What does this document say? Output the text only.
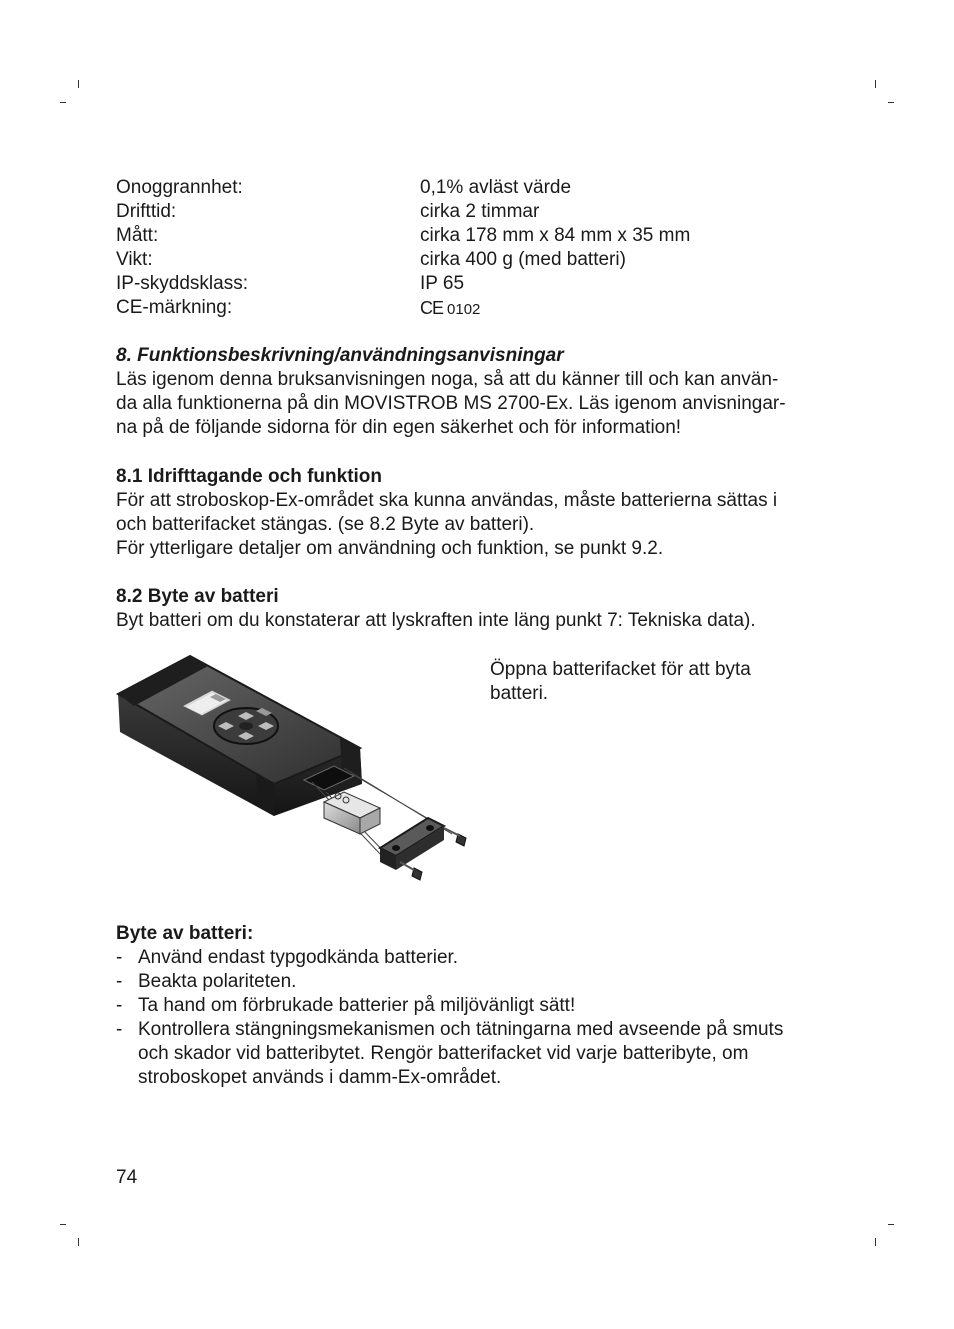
Onoggrannhet:	0,1% avläst värde
Drifttid:	cirka 2 timmar
Mått:	cirka 178 mm x 84 mm x 35 mm
Vikt:	cirka 400 g (med batteri)
IP-skyddsklass:	IP 65
CE-märkning:	CE 0102

8. Funktionsbeskrivning/användningsanvisningar

Läs igenom denna bruksanvisningen noga, så att du känner till och kan använ-
da alla funktionerna på din MOVISTROB MS 2700-Ex. Läs igenom anvisningar-
na på de följande sidorna för din egen säkerhet och för information!

8.1 Idrifttagande och funktion

För att stroboskop-Ex-området ska kunna användas, måste batterierna sättas i
och batterifacket stängas. (se 8.2 Byte av batteri).
För ytterligare detaljer om användning och funktion, se punkt 9.2.

8.2 Byte av batteri

Byt batteri om du konstaterar att lyskraften inte läng punkt 7: Tekniska data).

Öppna batterifacket för att byta
batteri.

Byte av batteri:

- Använd endast typgodkända batterier.
- Beakta polariteten.
- Ta hand om förbrukade batterier på miljövänligt sätt!
- Kontrollera stängningsmekanismen och tätningarna med avseende på smuts
och skador vid batteribytet. Rengör batterifacket vid varje batteribyte, om
stroboskopet används i damm-Ex-området.
74
